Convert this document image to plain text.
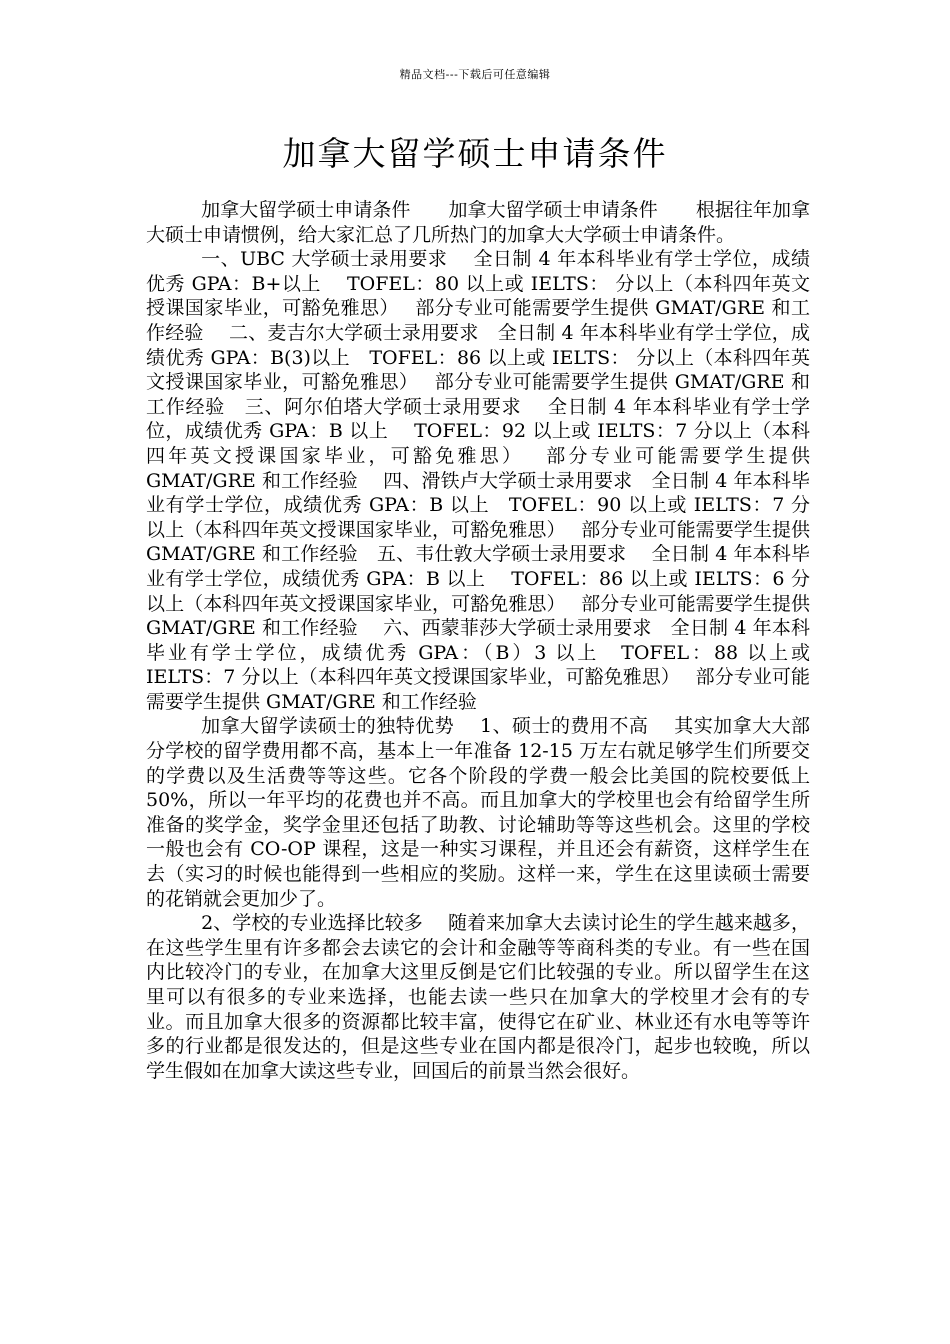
精品文档---下载后可任意编辑
加拿大留学硕士申请条件

加拿大留学硕士申请条件　　加拿大留学硕士申请条件　　根据往年加拿大硕士申请惯例，给大家汇总了几所热门的加拿大大学硕士申请条件。

一、UBC 大学硕士录用要求　 全日制 4 年本科毕业有学士学位，成绩优秀 GPA：B+以上　 TOFEL：80 以上或 IELTS： 分以上（本科四年英文授课国家毕业，可豁免雅思）　 部分专业可能需要学生提供 GMAT/GRE 和工作经验　 二、麦吉尔大学硕士录用要求　全日制 4 年本科毕业有学士学位，成绩优秀 GPA：B(3)以上　TOFEL：86 以上或 IELTS： 分以上（本科四年英文授课国家毕业，可豁免雅思）　 部分专业可能需要学生提供 GMAT/GRE 和工作经验　三、阿尔伯塔大学硕士录用要求　 全日制 4 年本科毕业有学士学位，成绩优秀 GPA：B 以上　 TOFEL：92 以上或 IELTS：7 分以上（本科四年英文授课国家毕业，可豁免雅思）　 部分专业可能需要学生提供 GMAT/GRE 和工作经验　 四、滑铁卢大学硕士录用要求　全日制 4 年本科毕业有学士学位，成绩优秀 GPA：B 以上　TOFEL：90 以上或 IELTS：7 分以上（本科四年英文授课国家毕业，可豁免雅思）　 部分专业可能需要学生提供 GMAT/GRE 和工作经验　五、韦仕敦大学硕士录用要求　 全日制 4 年本科毕业有学士学位，成绩优秀 GPA：B 以上　 TOFEL：86 以上或 IELTS：6 分以上（本科四年英文授课国家毕业，可豁免雅思）　 部分专业可能需要学生提供 GMAT/GRE 和工作经验　 六、西蒙菲莎大学硕士录用要求　全日制 4 年本科毕业有学士学位，成绩优秀 GPA：（B）3 以上　TOFEL：88 以上或 IELTS：7 分以上（本科四年英文授课国家毕业，可豁免雅思）　 部分专业可能需要学生提供 GMAT/GRE 和工作经验

加拿大留学读硕士的独特优势　 1、硕士的费用不高　 其实加拿大大部分学校的留学费用都不高，基本上一年准备 12-15 万左右就足够学生们所要交的学费以及生活费等等这些。它各个阶段的学费一般会比美国的院校要低上 50%，所以一年平均的花费也并不高。而且加拿大的学校里也会有给留学生所准备的奖学金，奖学金里还包括了助教、讨论辅助等等这些机会。这里的学校一般也会有 CO-OP 课程，这是一种实习课程，并且还会有薪资，这样学生在去（实习的时候也能得到一些相应的奖励。这样一来，学生在这里读硕士需要的花销就会更加少了。

2、学校的专业选择比较多　 随着来加拿大去读讨论生的学生越来越多，在这些学生里有许多都会去读它的会计和金融等等商科类的专业。有一些在国内比较冷门的专业，在加拿大这里反倒是它们比较强的专业。所以留学生在这里可以有很多的专业来选择，也能去读一些只在加拿大的学校里才会有的专业。而且加拿大很多的资源都比较丰富，使得它在矿业、林业还有水电等等许多的行业都是很发达的，但是这些专业在国内都是很冷门，起步也较晚，所以学生假如在加拿大读这些专业，回国后的前景当然会很好。
